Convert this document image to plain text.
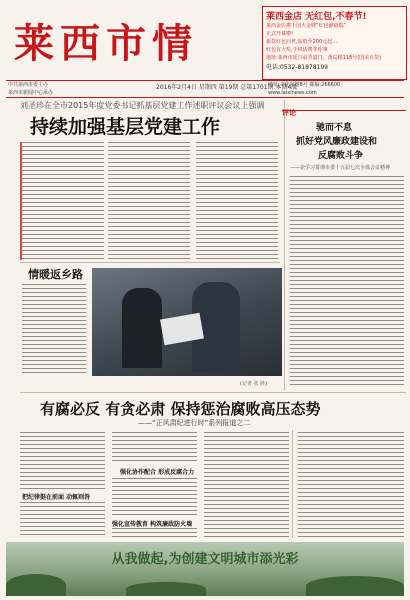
莱西市情
莱西金店 无红包,不春节!
莱西金店携手国大金牌“红包献福瑞”
正式开幕啦!
新款红包问世,钻低至200元起…
红包有大奖,手机话费等你拿
地址:莱西市延口前青嘉门、黄岛路118号(国美百货)
电话:0532-81878199
中共莱西市委主办
莱西市新闻中心承办
2016年2月4日 星期四 第19期 总第1701期 本期4版
地址:文化东路8号 邮编:266600
www.laixinews.com
刘圣珍在全市2015年度党委书记抓基层党建工作述职评议会议上强调
持续加强基层党建工作
情暖返乡路
(记者 张 胜)
有腐必反 有贪必肃 保持惩治腐败高压态势
——“正风肃纪进行时”系列报道之二
把纪律挺在前面 动辄则咎
强化协作配合 形成反腐合力
强化宣传教育 构筑廉政防火墙
评论
驰而不息
抓好党风廉政建设和
反腐败斗争
——论学习贯彻市委十五届七次全体会议精神
从我做起,为创建文明城市添光彩
